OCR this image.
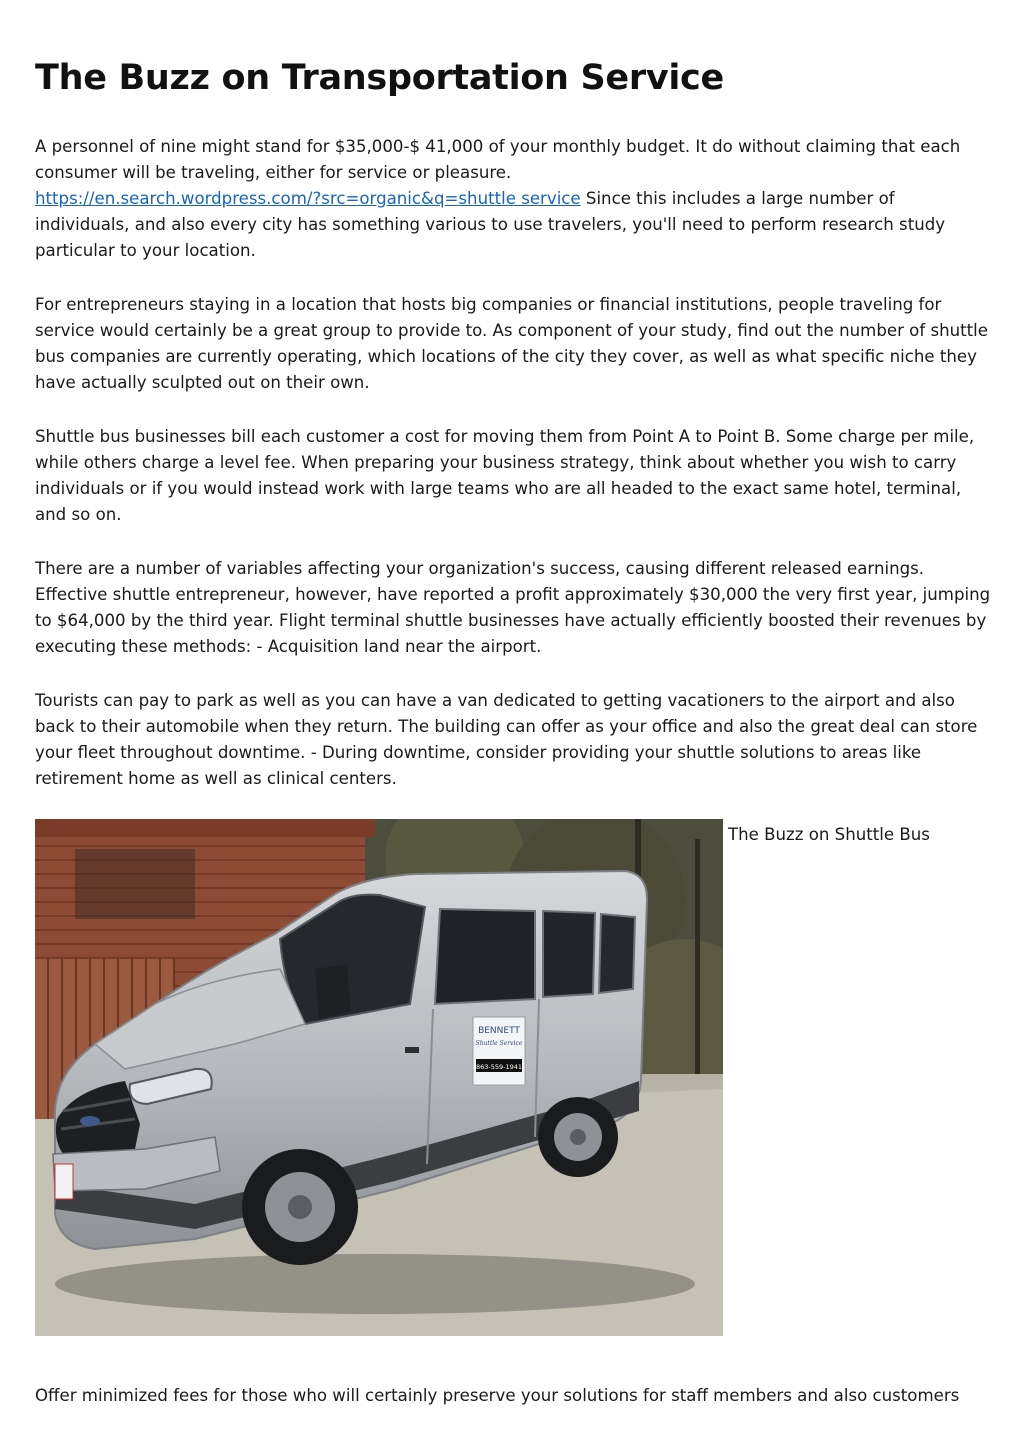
The Buzz on Transportation Service

A personnel of nine might stand for $35,000-$ 41,000 of your monthly budget. It do without claiming that each consumer will be traveling, either for service or pleasure.
https://en.search.wordpress.com/?src=organic&q=shuttle service Since this includes a large number of individuals, and also every city has something various to use travelers, you'll need to perform research study particular to your location.

For entrepreneurs staying in a location that hosts big companies or financial institutions, people traveling for service would certainly be a great group to provide to. As component of your study, find out the number of shuttle bus companies are currently operating, which locations of the city they cover, as well as what specific niche they have actually sculpted out on their own.

Shuttle bus businesses bill each customer a cost for moving them from Point A to Point B. Some charge per mile, while others charge a level fee. When preparing your business strategy, think about whether you wish to carry individuals or if you would instead work with large teams who are all headed to the exact same hotel, terminal, and so on.

There are a number of variables affecting your organization's success, causing different released earnings. Effective shuttle entrepreneur, however, have reported a profit approximately $30,000 the very first year, jumping to $64,000 by the third year. Flight terminal shuttle businesses have actually efficiently boosted their revenues by executing these methods: - Acquisition land near the airport.

Tourists can pay to park as well as you can have a van dedicated to getting vacationers to the airport and also back to their automobile when they return. The building can offer as your office and also the great deal can store your fleet throughout downtime. - During downtime, consider providing your shuttle solutions to areas like retirement home as well as clinical centers.

BENNETT
Shuttle Service
863-559-1941
The Buzz on Shuttle Bus

Offer minimized fees for those who will certainly preserve your solutions for staff members and also customers
